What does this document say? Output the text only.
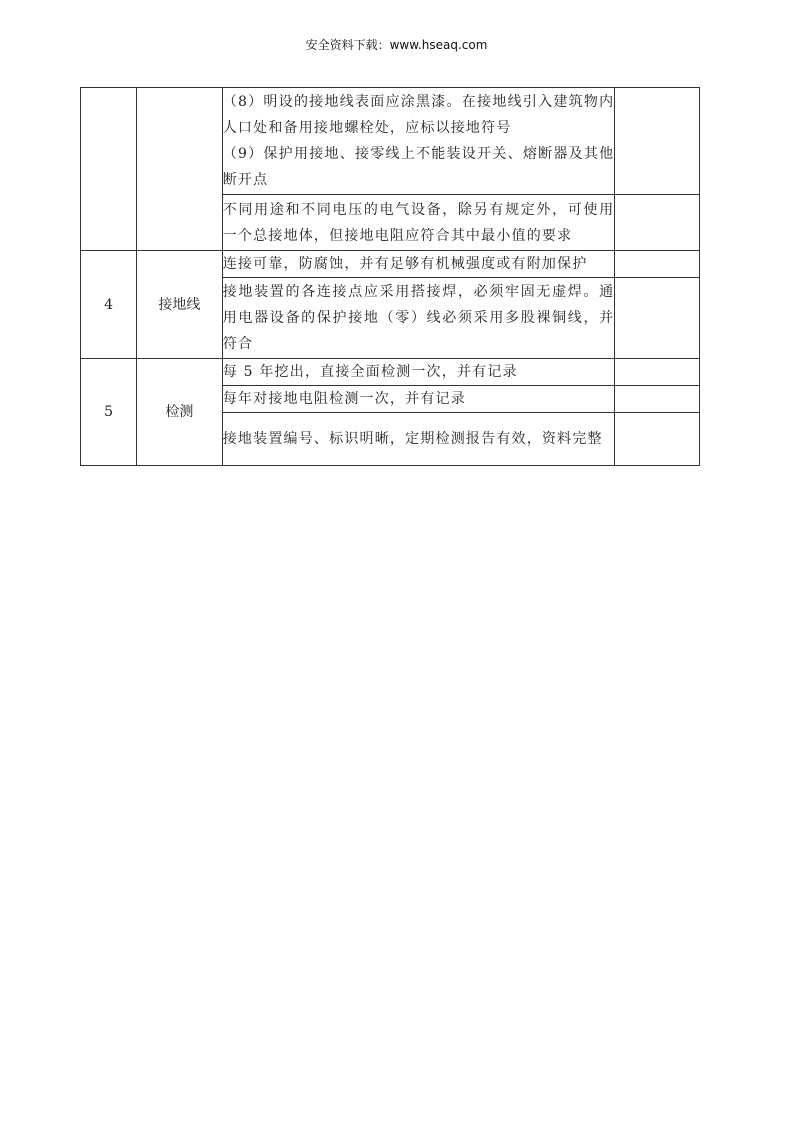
安全资料下载：www.hseaq.com

		（8）明设的接地线表面应涂黑漆。在接地线引入建筑物内人口处和备用接地螺栓处，应标以接地符号
（9）保护用接地、接零线上不能装设开关、熔断器及其他断开点	

		不同用途和不同电压的电气设备，除另有规定外，可使用一个总接地体，但接地电阻应符合其中最小值的要求	

4	接地线	连接可靠，防腐蚀，并有足够有机械强度或有附加保护	

		接地装置的各连接点应采用搭接焊，必须牢固无虚焊。通用电器设备的保护接地（零）线必须采用多股裸铜线，并符合	

5	检测	每 5 年挖出，直接全面检测一次，并有记录	

		每年对接地电阻检测一次，并有记录	

		接地装置编号、标识明晰，定期检测报告有效，资料完整	
